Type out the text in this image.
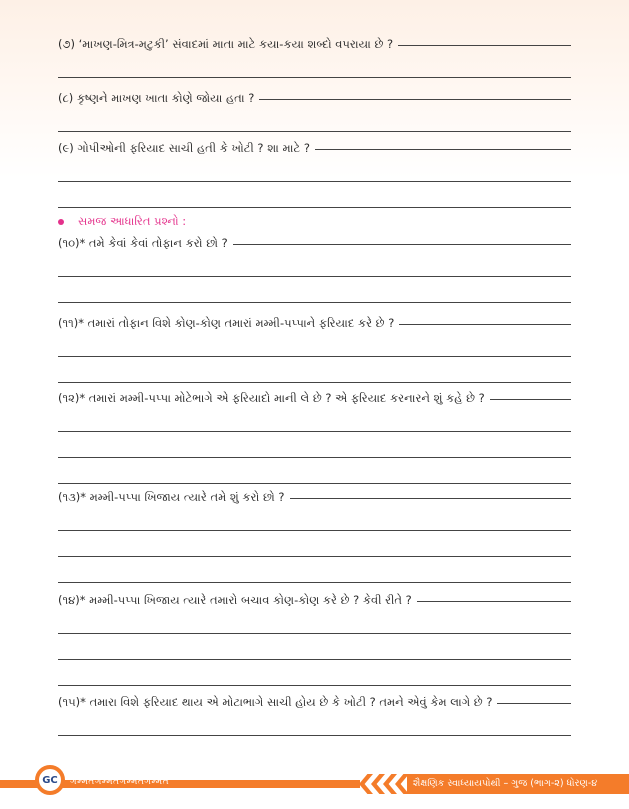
(૭) ‘માખણ-મિત્ર-મટુકી’ સંવાદમાં માતા માટે કયા-કયા શબ્દો વપરાયા છે ?
(૮) કૃષ્ણને માખણ ખાતા કોણે જોયા હતા ?
(૯) ગોપીઓની ફરિયાદ સાચી હતી કે ખોટી ? શા માટે ?
સમજ આધારિત પ્રશ્નો :
(૧૦)* તમે કેવાં કેવાં તોફાન કરો છો ?
(૧૧)* તમારાં તોફાન વિશે કોણ-કોણ તમારાં મમ્મી-પપ્પાને ફરિયાદ કરે છે ?
(૧૨)* તમારાં મમ્મી-પપ્પા મોટેભાગે એ ફરિયાદો માની લે છે ? એ ફરિયાદ કરનારને શું કહે છે ?
(૧૩)* મમ્મી-પપ્પા ખિજાય ત્યારે તમે શું કરો છો ?
(૧૪)* મમ્મી-પપ્પા ખિજાય ત્યારે તમારો બચાવ કોણ-કોણ કરે છે ? કેવી રીતે ?
(૧૫)* તમારા વિશે ફરિયાદ થાય એ મોટાભાગે સાચી હોય છે કે ખોટી ? તમને એવું કેમ લાગે છે ?
ગમ્મતગમ્મતગમ્મતગમ્મત
GC	શૈક્ષણિક સ્વાધ્યાયપોથી – ગુજ (ભાગ-૨) ધોરણ-૪
